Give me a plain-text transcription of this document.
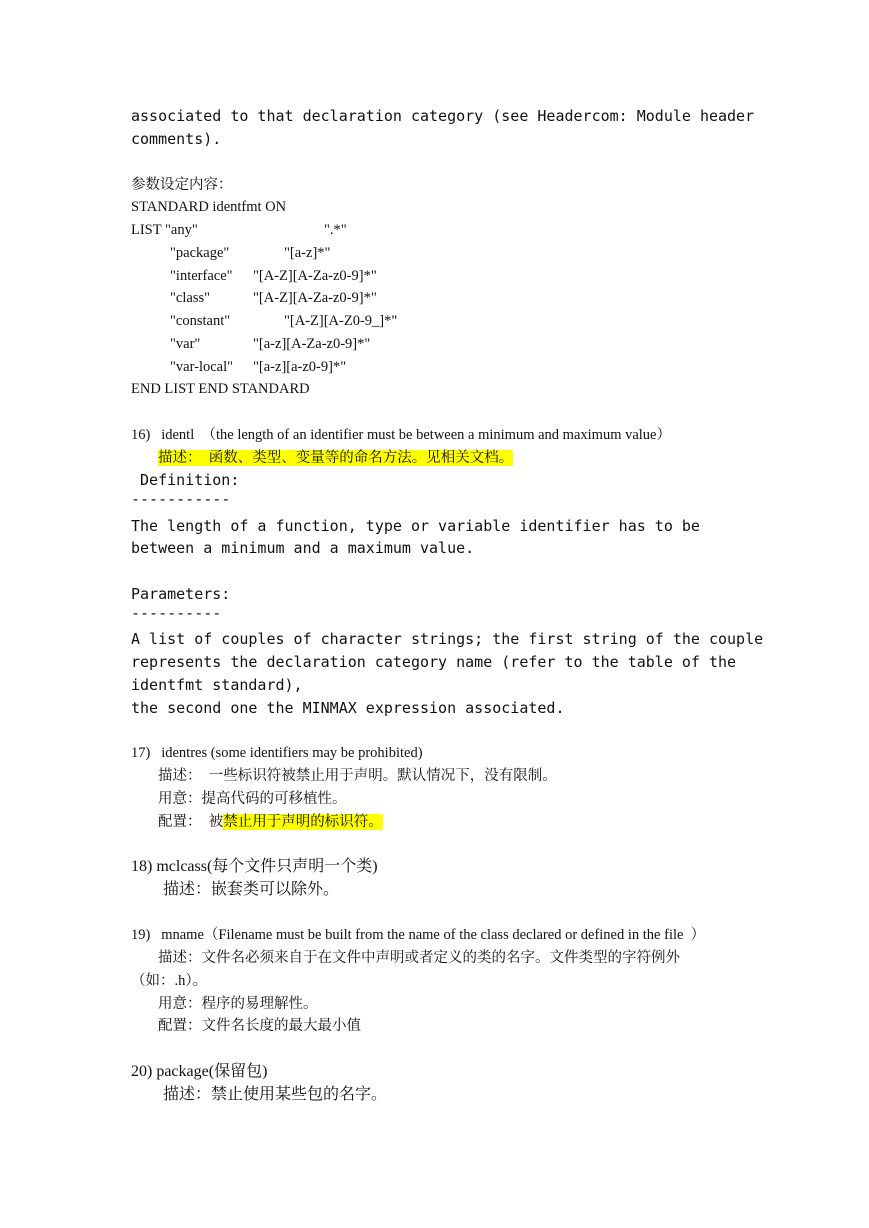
associated to that declaration category (see Headercom: Module header
comments).
参数设定内容：
STANDARD identfmt ON
LIST "any"	".*"
"package"	"[a-z]*"
"interface" "[A-Z][A-Za-z0-9]*"
"class"	"[A-Z][A-Za-z0-9]*"
"constant"	"[A-Z][A-Z0-9_]*"
"var"	"[a-z][A-Za-z0-9]*"
"var-local" "[a-z][a-z0-9]*"
END LIST END STANDARD
16)   identl  （the length of an identifier must be between a minimum and maximum value）
描述：  函数、类型、变量等的命名方法。见相关文档。
Definition:
-----------
The length of a function, type or variable identifier has to be
between a minimum and a maximum value.
Parameters:
----------
A list of couples of character strings; the first string of the couple
represents the declaration category name (refer to the table of the
identfmt standard),
the second one the MINMAX expression associated.
17)   identres (some identifiers may be prohibited)
描述：  一些标识符被禁止用于声明。默认情况下，没有限制。
用意：提高代码的可移植性。
配置：  被禁止用于声明的标识符。
18) mclcass(每个文件只声明一个类)
描述：嵌套类可以除外。
19)   mname（Filename must be built from the name of the class declared or defined in the file  ）
描述：文件名必须来自于在文件中声明或者定义的类的名字。文件类型的字符例外
（如：.h）。
用意：程序的易理解性。
配置：文件名长度的最大最小值
20) package(保留包)
描述：禁止使用某些包的名字。
